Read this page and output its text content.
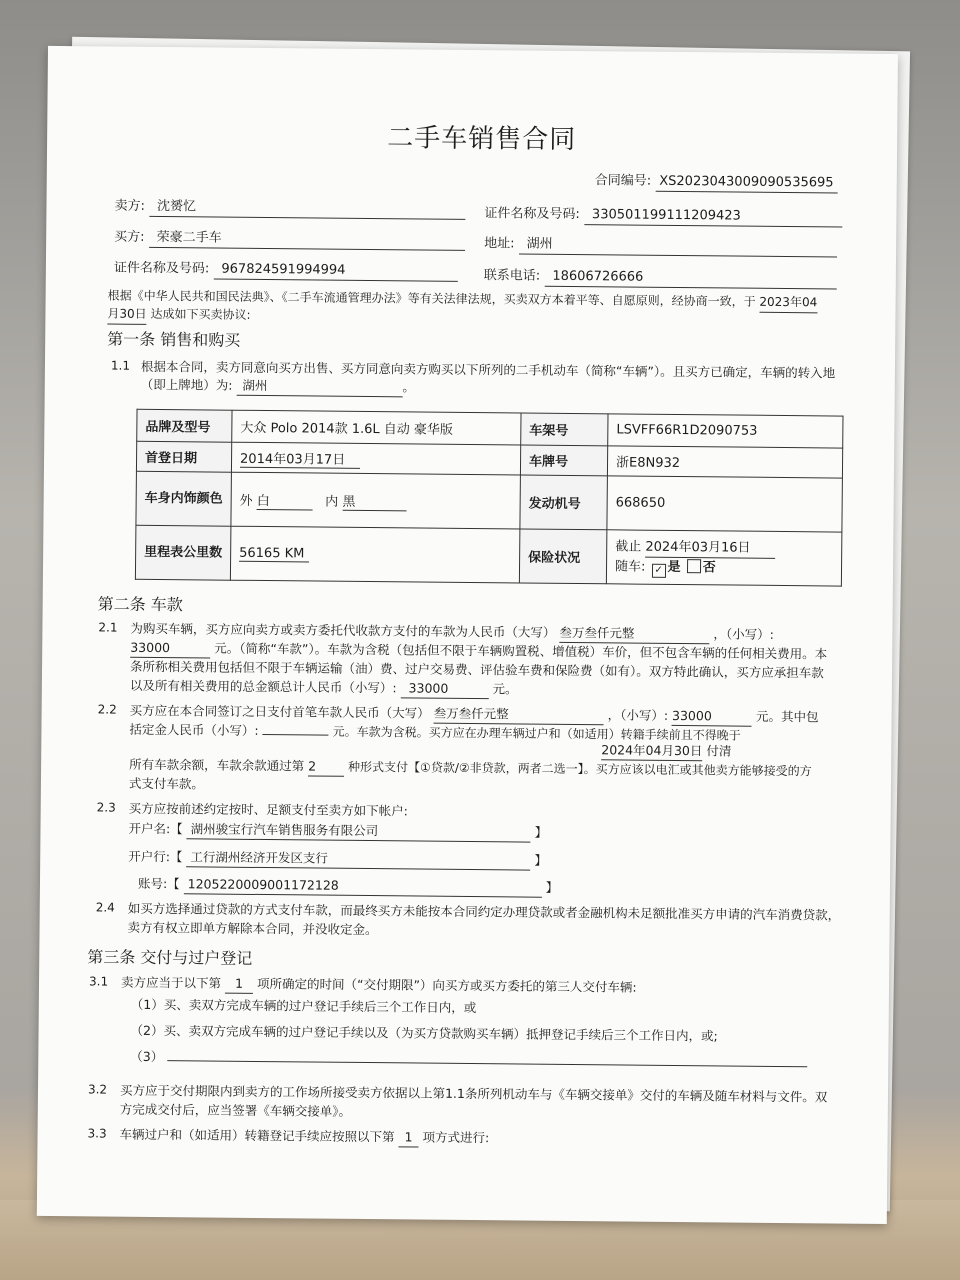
二手车销售合同
合同编号: XS2023043009090535695
卖方: 沈赟忆	证件名称及号码: 330501199111209423
买方: 荣豪二手车	地址: 湖州
证件名称及号码: 967824591994994	联系电话: 18606726666
根据《中华人民共和国民法典》、《二手车流通管理办法》等有关法律法规，买卖双方本着平等、自愿原则，经协商一致，于 2023年04
月30日 达成如下买卖协议:
第一条 销售和购买
1.1 根据本合同，卖方同意向买方出售、买方同意向卖方购买以下所列的二手机动车（简称“车辆”）。且买方已确定，车辆的转入地
（即上牌地）为: 湖州	。
品牌及型号	大众 Polo 2014款 1.6L 自动 豪华版	车架号	LSVFF66R1D2090753
首登日期	2014年03月17日	车牌号	浙E8N932
车身内饰颜色	外 白 内 黑	发动机号	668650
里程表公里数	56165 KM	保险状况	截止 2024年03月16日
随车: ✓ 是 否
第二条 车款
2.1 为购买车辆，买方应向卖方或卖方委托代收款方支付的车款为人民币（大写） 叁万叁仟元整	，（小写）:
33000	元。（简称“车款”）。车款为含税（包括但不限于车辆购置税、增值税）车价，但不包含车辆的任何相关费用。本
条所称相关费用包括但不限于车辆运输（油）费、过户交易费、评估验车费和保险费（如有）。双方特此确认，买方应承担车款
以及所有相关费用的总金额总计人民币（小写）: 33000	元。
2.2 买方应在本合同签订之日支付首笔车款人民币（大写） 叁万叁仟元整	，（小写）: 33000	元。其中包
括定金人民币（小写）:	元。车款为含税。买方应在办理车辆过户和（如适用）转籍手续前且不得晚于
2024年04月30日 付清
所有车款余额，车款余款通过第 2	种形式支付【①贷款/②非贷款，两者二选一】。买方应该以电汇或其他卖方能够接受的方
式支付车款。
2.3 买方应按前述约定按时、足额支付至卖方如下帐户:
开户名:【 湖州骏宝行汽车销售服务有限公司	】
开户行:【 工行湖州经济开发区支行	】
账号:【 1205220009001172128	】
2.4 如买方选择通过贷款的方式支付车款，而最终买方未能按本合同约定办理贷款或者金融机构未足额批准买方申请的汽车消费贷款，
卖方有权立即单方解除本合同，并没收定金。
第三条 交付与过户登记
3.1 卖方应当于以下第 1 项所确定的时间（“交付期限”）向买方或买方委托的第三人交付车辆:
（1）买、卖双方完成车辆的过户登记手续后三个工作日内，或
（2）买、卖双方完成车辆的过户登记手续以及（为买方贷款购买车辆）抵押登记手续后三个工作日内，或;
（3）
3.2 买方应于交付期限内到卖方的工作场所接受卖方依据以上第1.1条所列机动车与《车辆交接单》交付的车辆及随车材料与文件。双
方完成交付后，应当签署《车辆交接单》。
3.3 车辆过户和（如适用）转籍登记手续应按照以下第 1 项方式进行:
